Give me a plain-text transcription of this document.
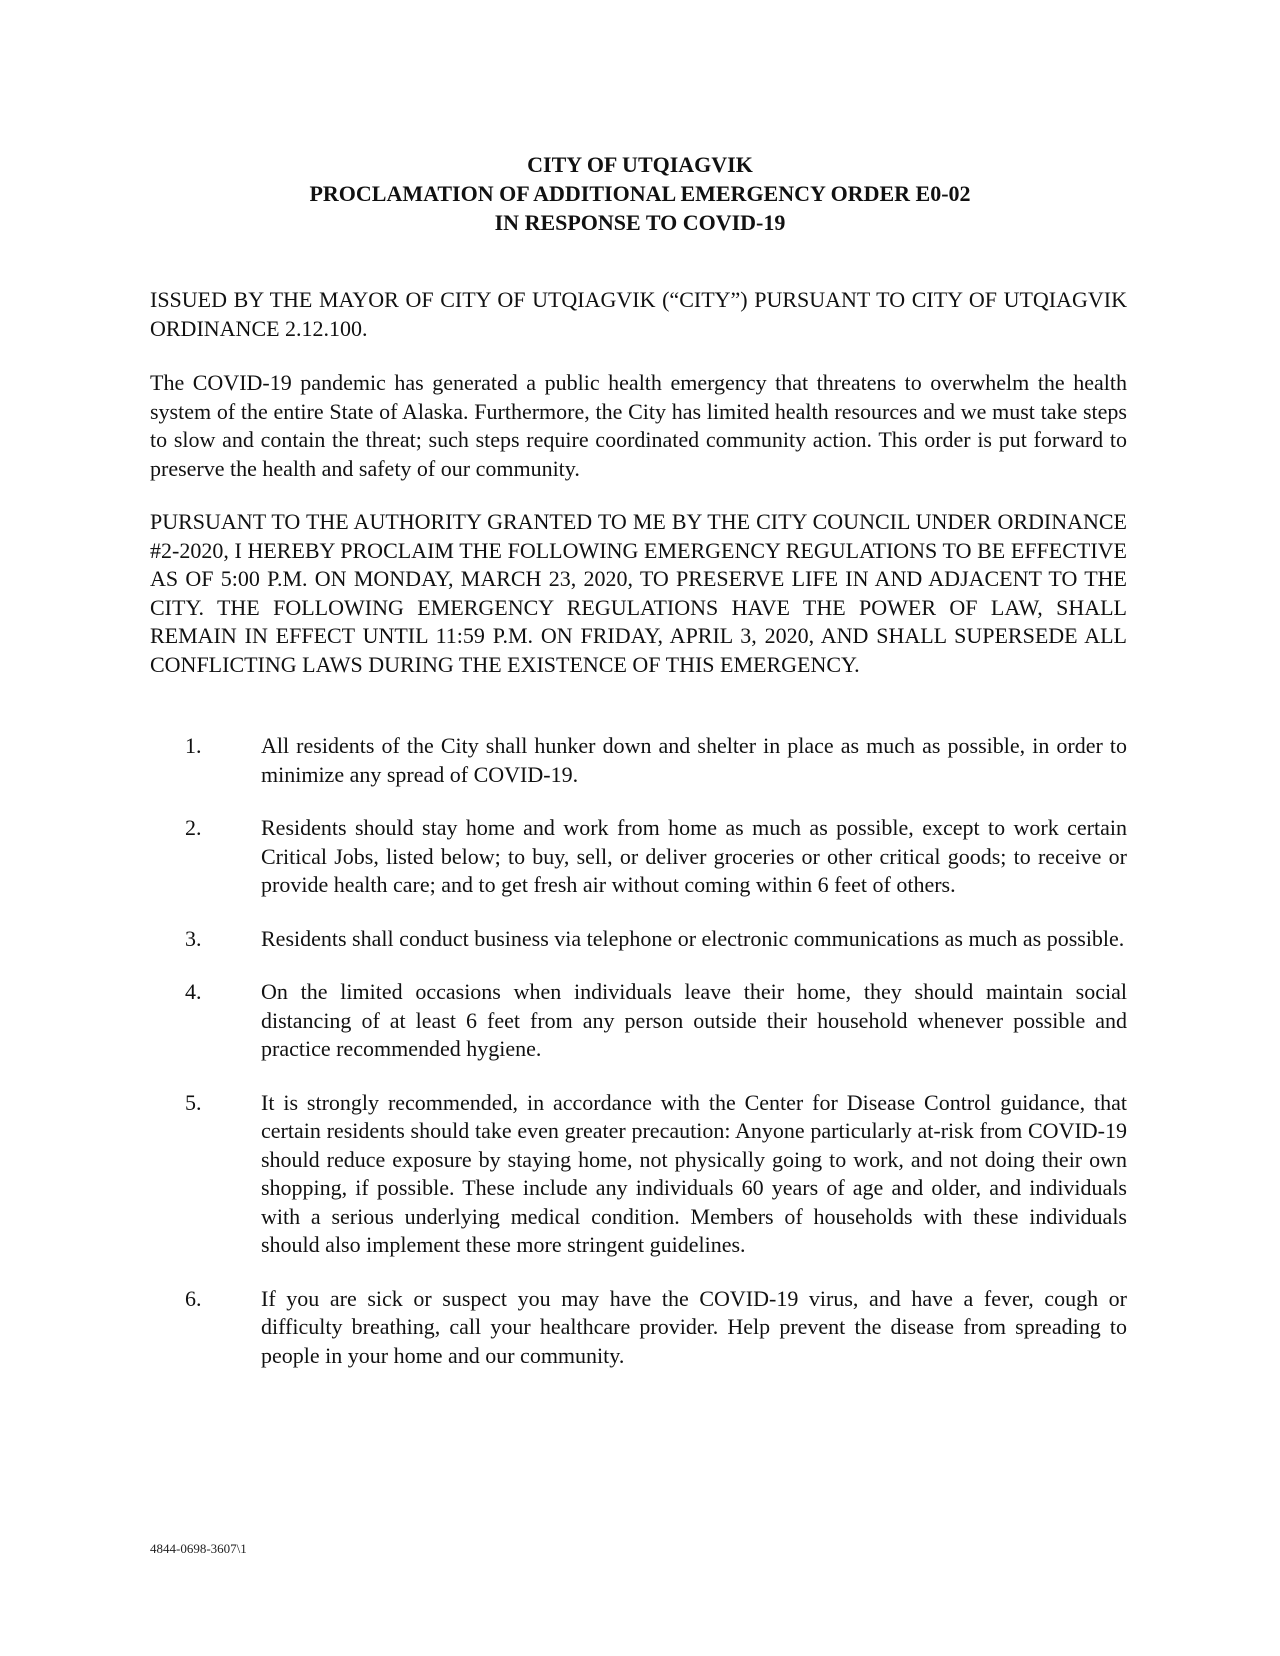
CITY OF UTQIAGVIK
PROCLAMATION OF ADDITIONAL EMERGENCY ORDER E0-02
IN RESPONSE TO COVID-19
ISSUED BY THE MAYOR OF CITY OF UTQIAGVIK (“CITY”) PURSUANT TO CITY OF UTQIAGVIK ORDINANCE 2.12.100.
The COVID-19 pandemic has generated a public health emergency that threatens to overwhelm the health system of the entire State of Alaska. Furthermore, the City has limited health resources and we must take steps to slow and contain the threat; such steps require coordinated community action. This order is put forward to preserve the health and safety of our community.
PURSUANT TO THE AUTHORITY GRANTED TO ME BY THE CITY COUNCIL UNDER ORDINANCE #2-2020, I HEREBY PROCLAIM THE FOLLOWING EMERGENCY REGULATIONS TO BE EFFECTIVE AS OF 5:00 P.M. ON MONDAY, MARCH 23, 2020, TO PRESERVE LIFE IN AND ADJACENT TO THE CITY. THE FOLLOWING EMERGENCY REGULATIONS HAVE THE POWER OF LAW, SHALL REMAIN IN EFFECT UNTIL 11:59 P.M. ON FRIDAY, APRIL 3, 2020, AND SHALL SUPERSEDE ALL CONFLICTING LAWS DURING THE EXISTENCE OF THIS EMERGENCY.
1.	All residents of the City shall hunker down and shelter in place as much as possible, in order to minimize any spread of COVID-19.
2.	Residents should stay home and work from home as much as possible, except to work certain Critical Jobs, listed below; to buy, sell, or deliver groceries or other critical goods; to receive or provide health care; and to get fresh air without coming within 6 feet of others.
3.	Residents shall conduct business via telephone or electronic communications as much as possible.
4.	On the limited occasions when individuals leave their home, they should maintain social distancing of at least 6 feet from any person outside their household whenever possible and practice recommended hygiene.
5.	It is strongly recommended, in accordance with the Center for Disease Control guidance, that certain residents should take even greater precaution: Anyone particularly at-risk from COVID-19 should reduce exposure by staying home, not physically going to work, and not doing their own shopping, if possible. These include any individuals 60 years of age and older, and individuals with a serious underlying medical condition. Members of households with these individuals should also implement these more stringent guidelines.
6.	If you are sick or suspect you may have the COVID-19 virus, and have a fever, cough or difficulty breathing, call your healthcare provider. Help prevent the disease from spreading to people in your home and our community.
4844-0698-3607\1
